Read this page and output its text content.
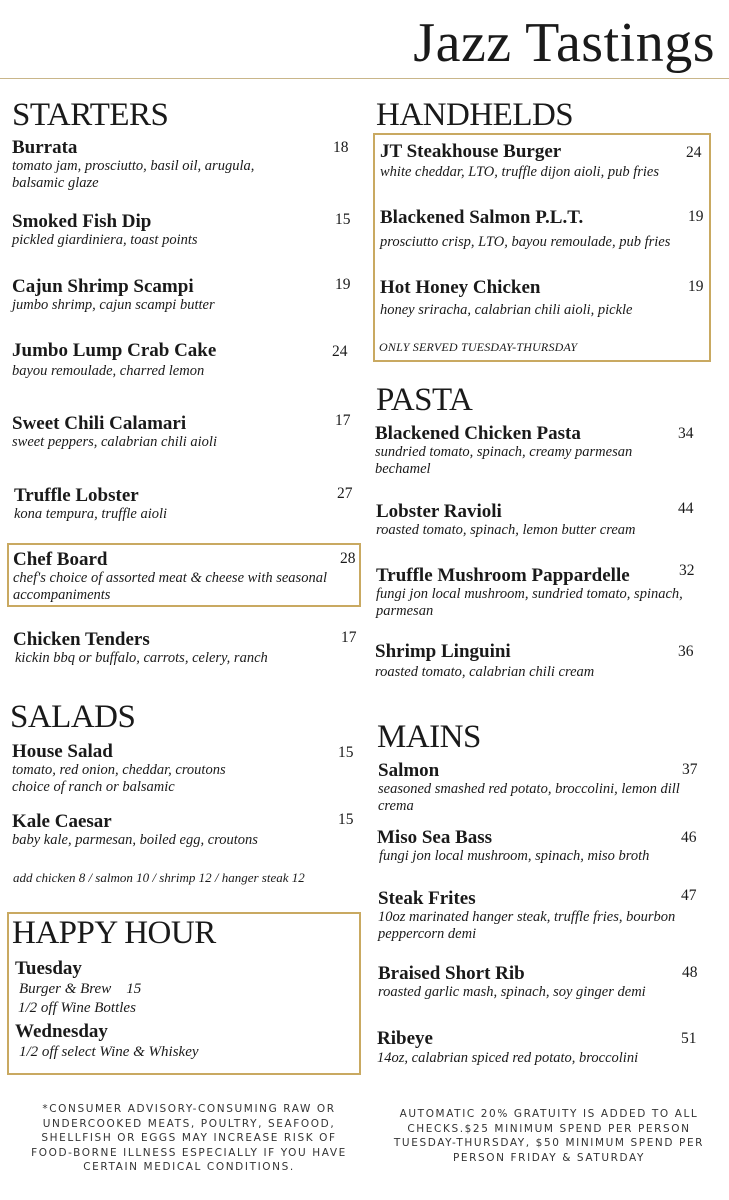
Jazz Tastings
STARTERS
Burrata
tomato jam, prosciutto, basil oil, arugula, balsamic glaze
18
Smoked Fish Dip
pickled giardiniera, toast points
15
Cajun Shrimp Scampi
jumbo shrimp, cajun scampi butter
19
Jumbo Lump Crab Cake
bayou remoulade, charred lemon
24
Sweet Chili Calamari
sweet peppers, calabrian chili aioli
17
Truffle Lobster
kona tempura, truffle aioli
27
Chef Board
chef's choice of assorted meat & cheese with seasonal accompaniments
28
Chicken Tenders
kickin bbq or buffalo, carrots, celery, ranch
17
SALADS
House Salad
tomato, red onion, cheddar, croutons
choice of ranch or balsamic
15
Kale Caesar
baby kale, parmesan, boiled egg, croutons
15
add chicken 8 / salmon 10 / shrimp 12 / hanger steak 12
HAPPY HOUR
Tuesday
Burger & Brew    15
1/2 off Wine Bottles
Wednesday
1/2 off select Wine & Whiskey
HANDHELDS
JT Steakhouse Burger
white cheddar, LTO, truffle dijon aioli, pub fries
24
Blackened Salmon P.L.T.
prosciutto crisp, LTO, bayou remoulade, pub fries
19
Hot Honey Chicken
honey sriracha, calabrian chili aioli, pickle
19
ONLY SERVED TUESDAY-THURSDAY
PASTA
Blackened Chicken Pasta
sundried tomato, spinach, creamy parmesan bechamel
34
Lobster Ravioli
roasted tomato, spinach, lemon butter cream
44
Truffle Mushroom Pappardelle
fungi jon local mushroom, sundried tomato, spinach, parmesan
32
Shrimp Linguini
roasted tomato, calabrian chili cream
36
MAINS
Salmon
seasoned smashed red potato, broccolini, lemon dill crema
37
Miso Sea Bass
fungi jon local mushroom, spinach, miso broth
46
Steak Frites
10oz marinated hanger steak, truffle fries, bourbon peppercorn demi
47
Braised Short Rib
roasted garlic mash, spinach, soy ginger demi
48
Ribeye
14oz, calabrian spiced red potato, broccolini
51
*CONSUMER ADVISORY-CONSUMING RAW OR UNDERCOOKED MEATS, POULTRY, SEAFOOD, SHELLFISH OR EGGS MAY INCREASE RISK OF FOOD-BORNE ILLNESS ESPECIALLY IF YOU HAVE CERTAIN MEDICAL CONDITIONS.
AUTOMATIC 20% GRATUITY IS ADDED TO ALL CHECKS.$25 MINIMUM SPEND PER PERSON TUESDAY-THURSDAY, $50 MINIMUM SPEND PER PERSON FRIDAY & SATURDAY
